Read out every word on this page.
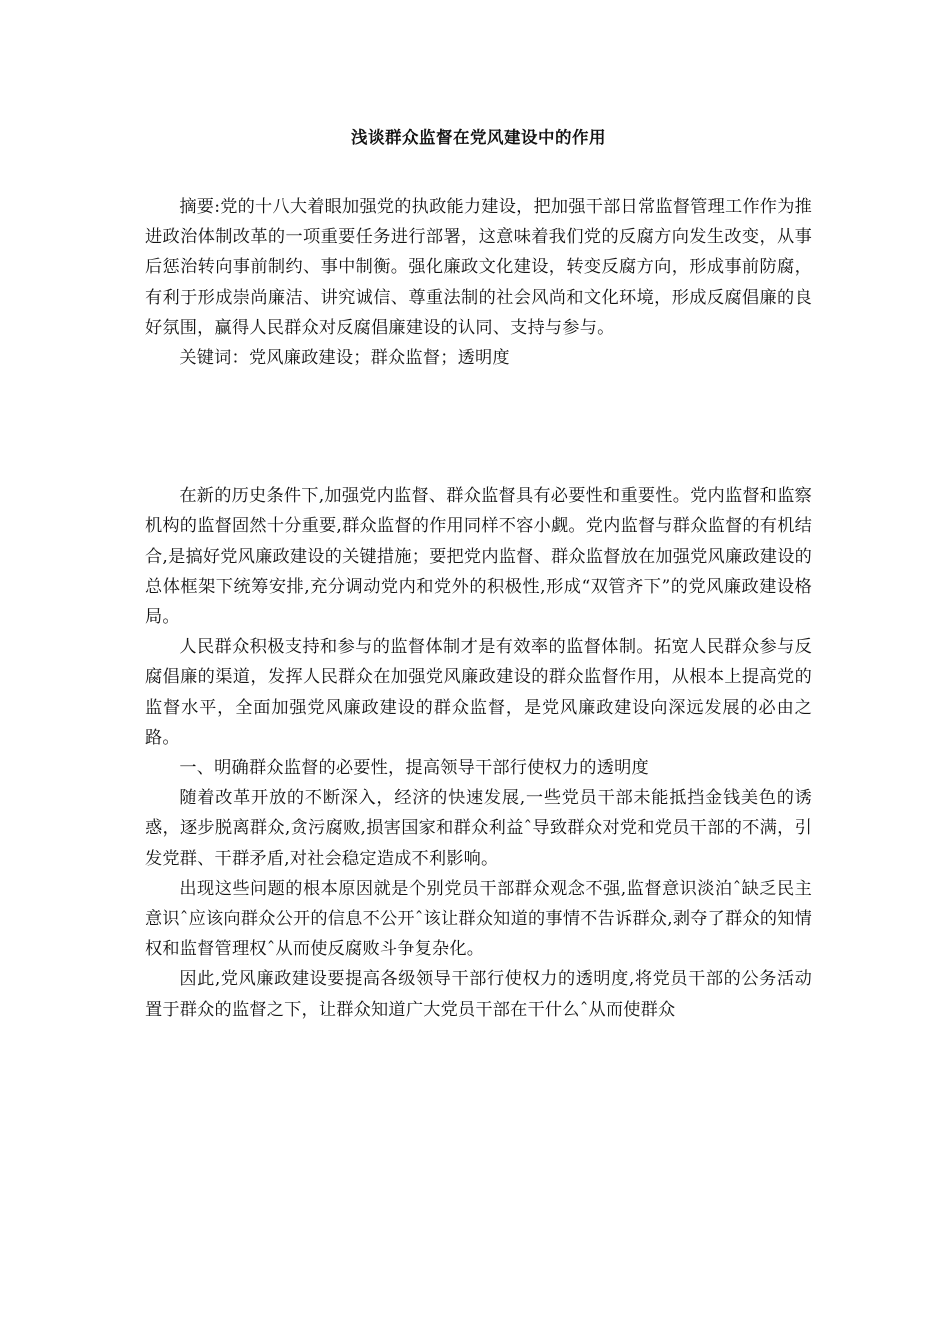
浅谈群众监督在党风建设中的作用

摘要:党的十八大着眼加强党的执政能力建设，把加强干部日常监督管理工作作为推进政治体制改革的一项重要任务进行部署，这意味着我们党的反腐方向发生改变，从事后惩治转向事前制约、事中制衡。强化廉政文化建设，转变反腐方向，形成事前防腐，有利于形成崇尚廉洁、讲究诚信、尊重法制的社会风尚和文化环境，形成反腐倡廉的良好氛围，赢得人民群众对反腐倡廉建设的认同、支持与参与。

关键词：党风廉政建设；群众监督；透明度

在新的历史条件下,加强党内监督、群众监督具有必要性和重要性。党内监督和监察机构的监督固然十分重要,群众监督的作用同样不容小觑。党内监督与群众监督的有机结合,是搞好党风廉政建设的关键措施；要把党内监督、群众监督放在加强党风廉政建设的总体框架下统筹安排,充分调动党内和党外的积极性,形成“双管齐下”的党风廉政建设格局。

人民群众积极支持和参与的监督体制才是有效率的监督体制。拓宽人民群众参与反腐倡廉的渠道，发挥人民群众在加强党风廉政建设的群众监督作用，从根本上提高党的监督水平，全面加强党风廉政建设的群众监督，是党风廉政建设向深远发展的必由之路。

一、明确群众监督的必要性，提高领导干部行使权力的透明度

随着改革开放的不断深入，经济的快速发展,一些党员干部未能抵挡金钱美色的诱惑，逐步脱离群众,贪污腐败,损害国家和群众利益ˆ导致群众对党和党员干部的不满，引发党群、干群矛盾,对社会稳定造成不利影响。

出现这些问题的根本原因就是个别党员干部群众观念不强,监督意识淡泊ˆ缺乏民主意识ˆ应该向群众公开的信息不公开ˆ该让群众知道的事情不告诉群众,剥夺了群众的知情权和监督管理权ˆ从而使反腐败斗争复杂化。

因此,党风廉政建设要提高各级领导干部行使权力的透明度,将党员干部的公务活动置于群众的监督之下，让群众知道广大党员干部在干什么ˆ从而使群众
